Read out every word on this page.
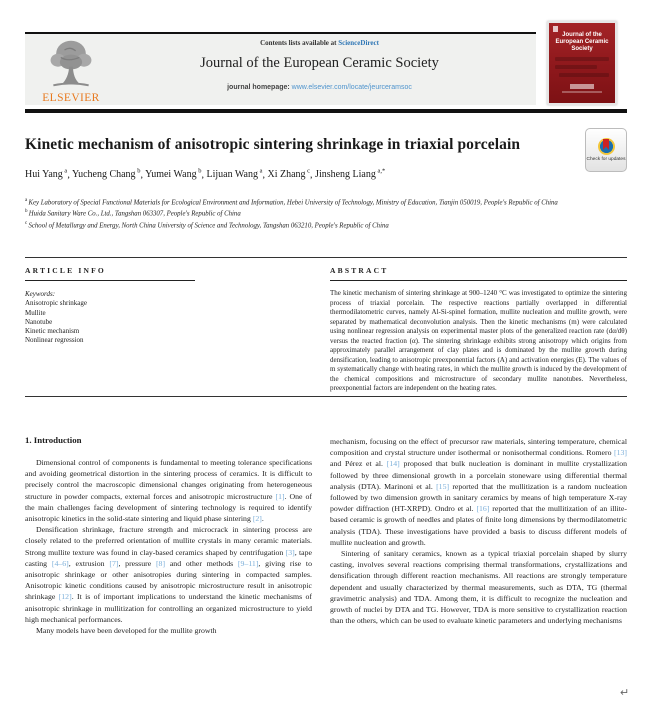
ELSEVIER
Contents lists available at ScienceDirect
Journal of the European Ceramic Society
journal homepage: www.elsevier.com/locate/jeurceramsoc
Journal of the European Ceramic Society
Kinetic mechanism of anisotropic sintering shrinkage in triaxial porcelain
Check for updates
Hui Yang $^a$, Yucheng Chang $^b$, Yumei Wang $^b$, Lijuan Wang $^a$, Xi Zhang $^c$, Jinsheng Liang $^{a,*}$
$^a$ Key Laboratory of Special Functional Materials for Ecological Environment and Information, Hebei University of Technology, Ministry of Education, Tianjin 050019, People's Republic of China
$^b$ Huida Sanitary Ware Co., Ltd., Tangshan 063307, People's Republic of China
$^c$ School of Metallurgy and Energy, North China University of Science and Technology, Tangshan 063210, People's Republic of China
ARTICLE INFO
Keywords:
Anisotropic shrinkage
Mullite
Nanotube
Kinetic mechanism
Nonlinear regression
ABSTRACT

The kinetic mechanism of sintering shrinkage at 900–1240 °C was investigated to optimize the sintering process of triaxial porcelain. The respective reactions partially overlapped in differential thermodilatometric curves, namely Al-Si-spinel formation, mullite nucleation and mullite growth, were separated by mathematical deconvolution analysis. Then the kinetic mechanisms (m) were calculated using nonlinear regression analysis on experimental master plots of the generalized reaction rate (dα/dθ) versus the reacted fraction (α). The sintering shrinkage exhibits strong anisotropy which origins from approximately parallel arrangement of clay plates and is dominated by the mullite growth during densification, leading to anisotropic preexponential factors (A) and activation energies (E). The values of m systematically change with heating rates, in which the mullite growth is induced by the development of the chemical compositions and microstructure of secondary mullite nanotubes. Nevertheless, preexponential factors are independent on the heating rates.

1. Introduction

Dimensional control of components is fundamental to meeting tolerance specifications and avoiding geometrical distortion in the sintering process of ceramics. It is difficult to precisely control the macroscopic dimensional changes originating from heterogeneous structure in powder compacts, external forces and anisotropic microstructure [1]. One of the main challenges facing development of sintering technology is required to identify anisotropic kinetics in the solid-state sintering and liquid phase sintering [2].

Densification shrinkage, fracture strength and microcrack in sintering process are closely related to the preferred orientation of mullite crystals in many ceramic materials. Strong mullite texture was found in clay-based ceramics shaped by centrifugation [3], tape casting [4–6], extrusion [7], pressure [8] and other methods [9–11], giving rise to anisotropic shrinkage or other anisotropies during sintering in compacted samples. Anisotropic kinetic conditions caused by anisotropic microstructure result in anisotropic shrinkage [12]. It is of important implications to understand the kinetic mechanisms of anisotropic shrinkage in mullitization for controlling an organized microstructure to yield high mechanical performances.

Many models have been developed for the mullite growth

mechanism, focusing on the effect of precursor raw materials, sintering temperature, chemical composition and crystal structure under isothermal or nonisothermal conditions. Romero [13] and Pérez et al. [14] proposed that bulk nucleation is dominant in mullite crystallization followed by three dimensional growth in a porcelain stoneware using differential thermal analysis (DTA). Marinoni et al. [15] reported that the mullitization is a random nucleation followed by two dimension growth in sanitary ceramics by means of high temperature X-ray powder diffraction (HT-XRPD). Ondro et al. [16] reported that the mullitization of an illite-based ceramic is growth of needles and plates of finite long dimensions by thermodilatometric analysis (TDA). These investigations have provided a basis to discuss different models of mullite nucleation and growth.

Sintering of sanitary ceramics, known as a typical triaxial porcelain shaped by slurry casting, involves several reactions comprising thermal transformations, crystallizations and densification through different reaction mechanisms. All reactions are strongly temperature dependent and usually characterized by thermal measurements, such as DTA, TG (thermal gravimetric analysis) and TDA. Among them, it is difficult to recognize the nucleation and growth of nuclei by DTA and TG. However, TDA is more sensitive to crystallization reaction than the others, which can be used to evaluate kinetic parameters and underlying mechanisms

↵
